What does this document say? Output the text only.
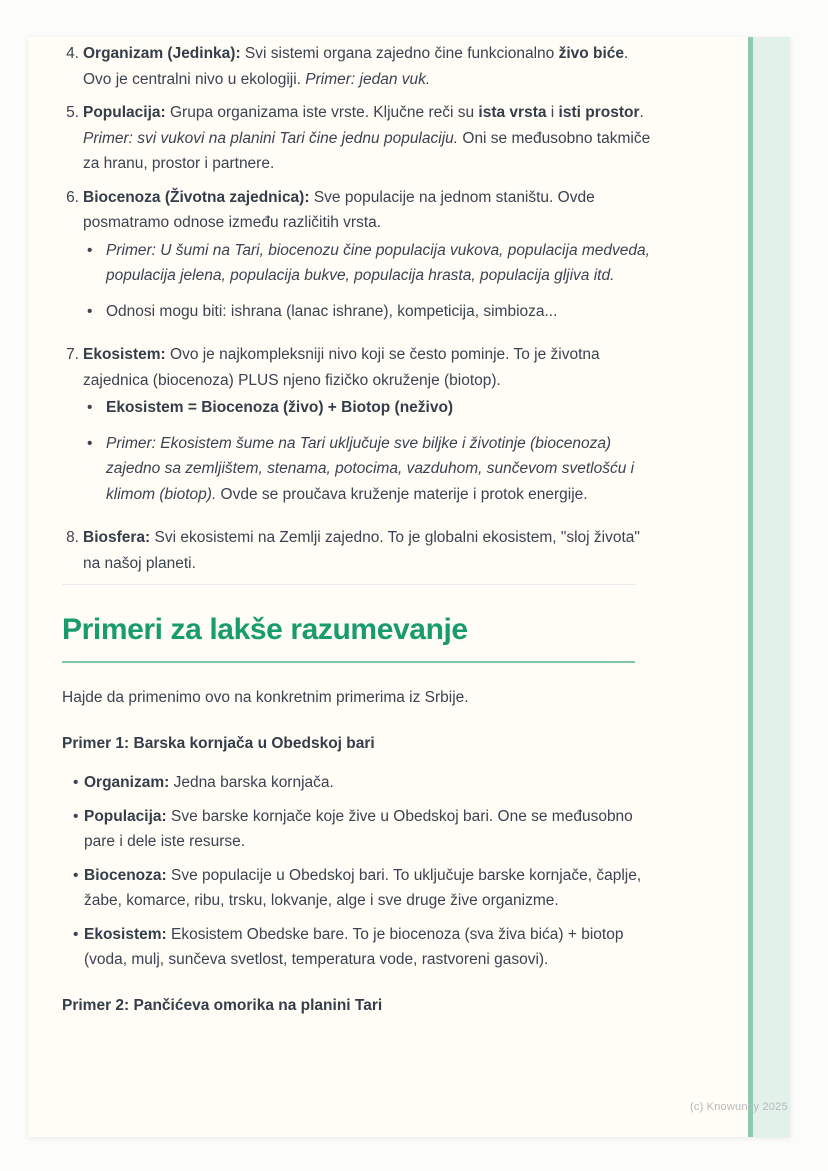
4. Organizam (Jedinka): Svi sistemi organa zajedno čine funkcionalno živo biće. Ovo je centralni nivo u ekologiji. Primer: jedan vuk.
5. Populacija: Grupa organizama iste vrste. Ključne reči su ista vrsta i isti prostor. Primer: svi vukovi na planini Tari čine jednu populaciju. Oni se međusobno takmiče za hranu, prostor i partnere.
6. Biocenoza (Životna zajednica): Sve populacije na jednom staništu. Ovde posmatramo odnose između različitih vrsta.
• Primer: U šumi na Tari, biocenozu čine populacija vukova, populacija medveda, populacija jelena, populacija bukve, populacija hrasta, populacija gljiva itd.
• Odnosi mogu biti: ishrana (lanac ishrane), kompeticija, simbioza...
7. Ekosistem: Ovo je najkompleksniji nivo koji se često pominje. To je životna zajednica (biocenoza) PLUS njeno fizičko okruženje (biotop).
• Ekosistem = Biocenoza (živo) + Biotop (neživo)
• Primer: Ekosistem šume na Tari uključuje sve biljke i životinje (biocenoza) zajedno sa zemljištem, stenama, potocima, vazduhom, sunčevom svetlošću i klimom (biotop). Ovde se proučava kruženje materije i protok energije.
8. Biosfera: Svi ekosistemi na Zemlji zajedno. To je globalni ekosistem, "sloj života" na našoj planeti.
Primeri za lakše razumevanje

Hajde da primenimo ovo na konkretnim primerima iz Srbije.

Primer 1: Barska kornjača u Obedskoj bari

• Organizam: Jedna barska kornjača.
• Populacija: Sve barske kornjače koje žive u Obedskoj bari. One se međusobno pare i dele iste resurse.
• Biocenoza: Sve populacije u Obedskoj bari. To uključuje barske kornjače, čaplje, žabe, komarce, ribu, trsku, lokvanje, alge i sve druge žive organizme.
• Ekosistem: Ekosistem Obedske bare. To je biocenoza (sva živa bića) + biotop (voda, mulj, sunčeva svetlost, temperatura vode, rastvoreni gasovi).

Primer 2: Pančićeva omorika na planini Tari

(c) Knowunity 2025
